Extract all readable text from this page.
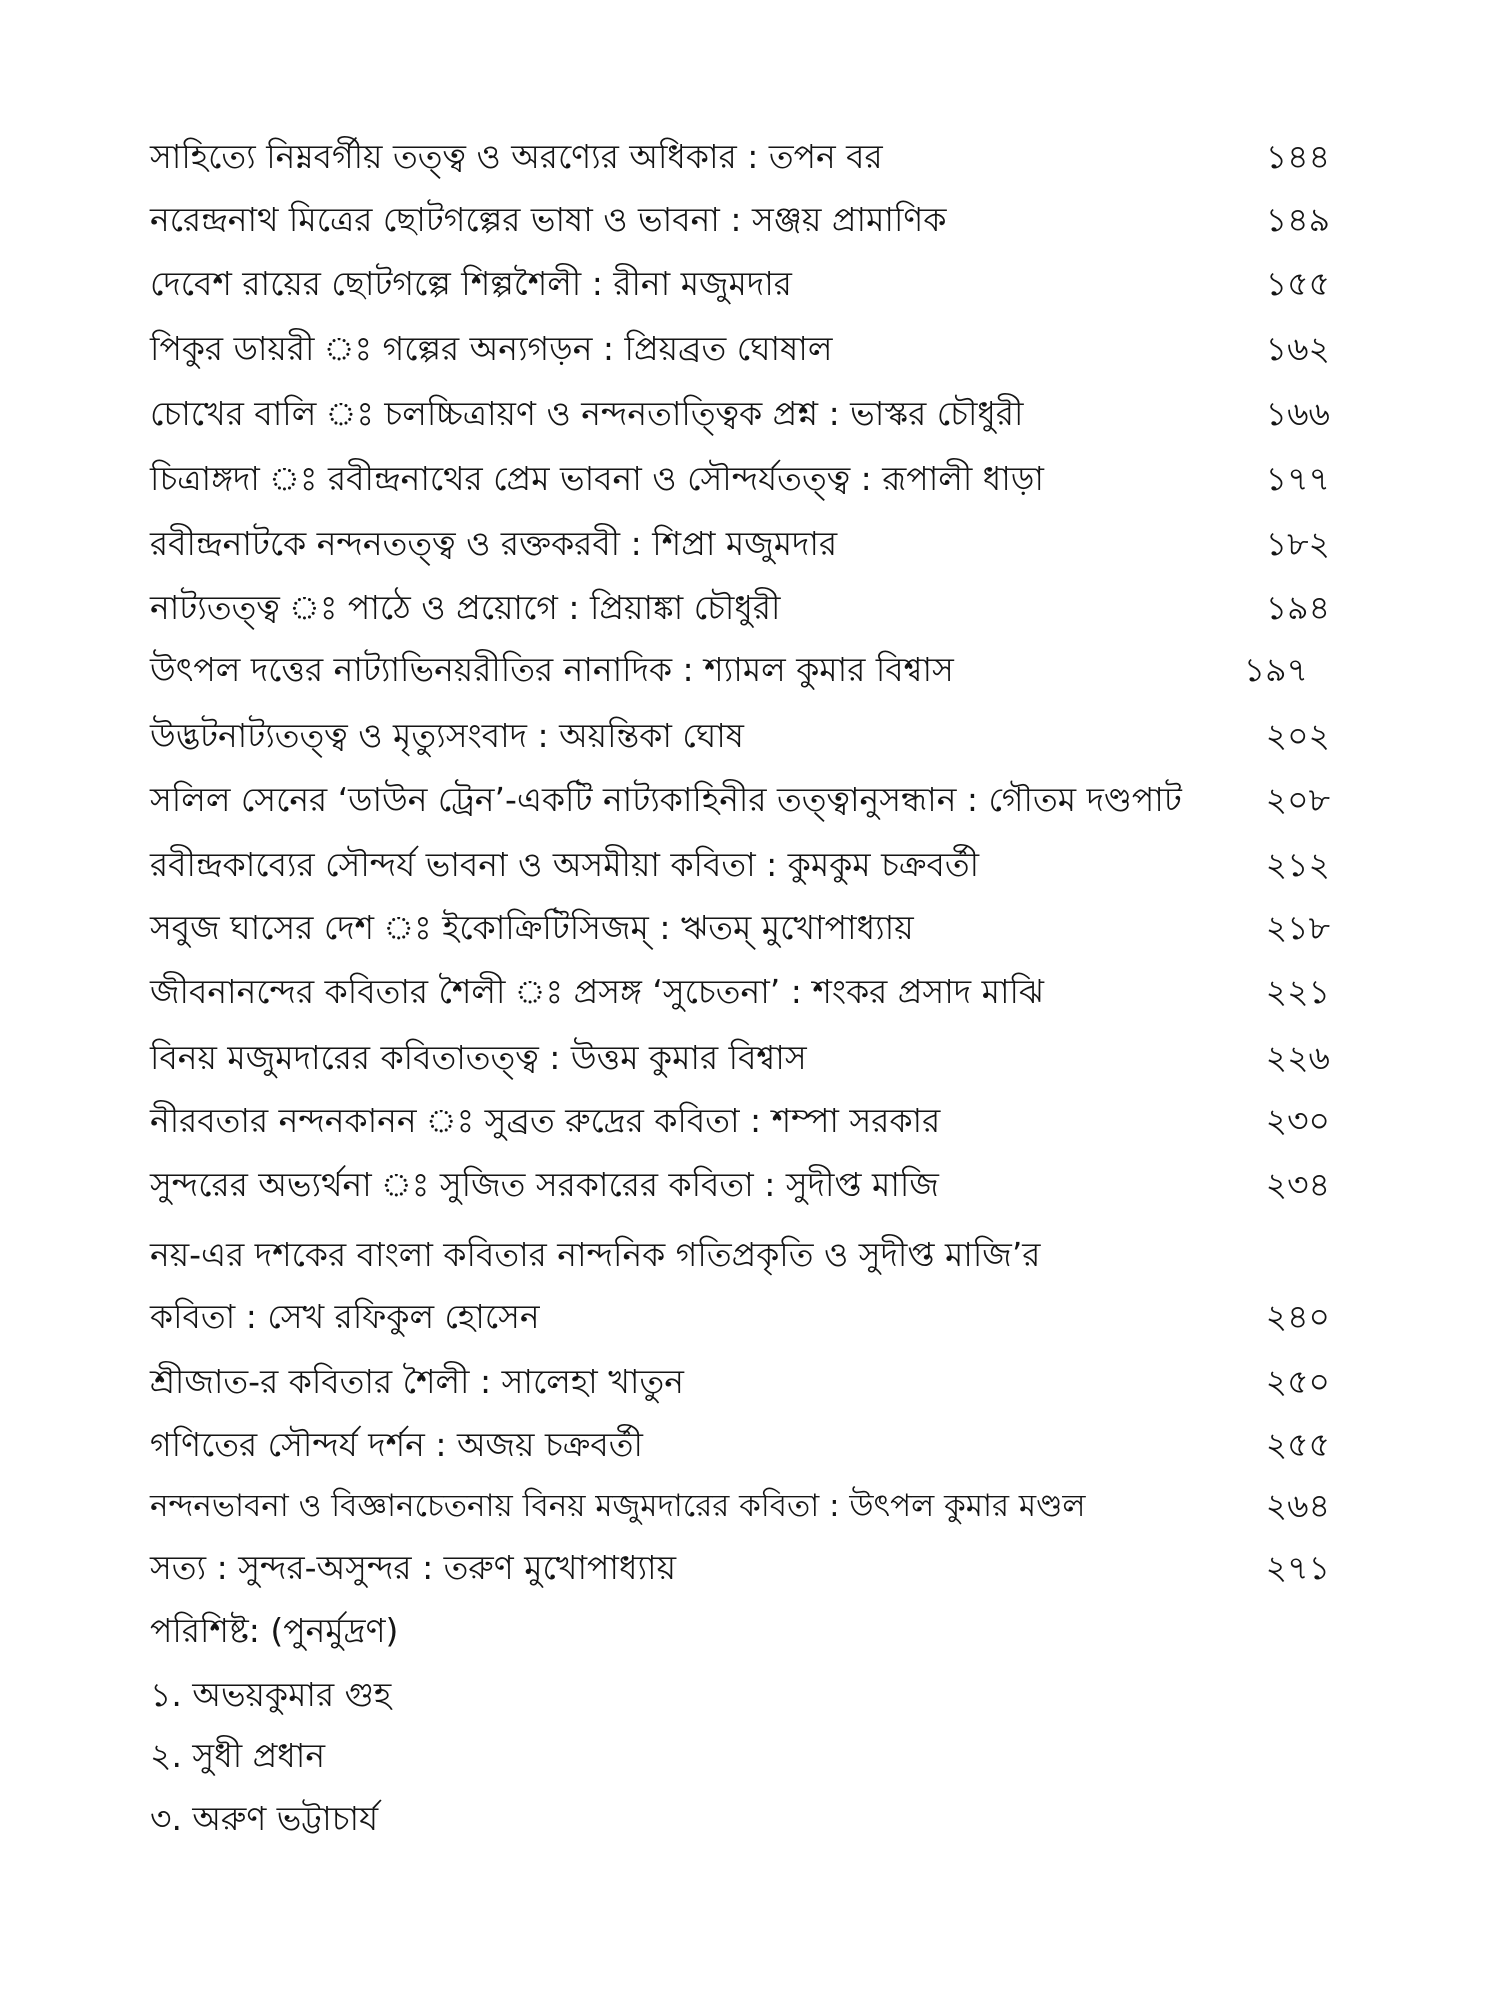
সাহিত্যে নিম্নবর্গীয় তত্ত্ব ও অরণ্যের অধিকার : তপন বর	১৪৪
নরেন্দ্রনাথ মিত্রের ছোটগল্পের ভাষা ও ভাবনা : সঞ্জয় প্রামাণিক	১৪৯
দেবেশ রায়ের ছোটগল্পে শিল্পশৈলী : রীনা মজুমদার	১৫৫
পিকুর ডায়রী ঃ গল্পের অন্যগড়ন : প্রিয়ব্রত ঘোষাল	১৬২
চোখের বালি ঃ চলচ্চিত্রায়ণ ও নন্দনতাত্ত্বিক প্রশ্ন : ভাস্কর চৌধুরী	১৬৬
চিত্রাঙ্গদা ঃ রবীন্দ্রনাথের প্রেম ভাবনা ও সৌন্দর্যতত্ত্ব : রূপালী ধাড়া	১৭৭
রবীন্দ্রনাটকে নন্দনতত্ত্ব ও রক্তকরবী : শিপ্রা মজুমদার	১৮২
নাট্যতত্ত্ব ঃ পাঠে ও প্রয়োগে : প্রিয়াঙ্কা চৌধুরী	১৯৪
উৎপল দত্তের নাট্যাভিনয়রীতির নানাদিক : শ্যামল কুমার বিশ্বাস	১৯৭
উদ্ভটনাট্যতত্ত্ব ও মৃত্যুসংবাদ : অয়ন্তিকা ঘোষ	২০২
সলিল সেনের ‘ডাউন ট্রেন’-একটি নাট্যকাহিনীর তত্ত্বানুসন্ধান : গৌতম দণ্ডপাট	২০৮
রবীন্দ্রকাব্যের সৌন্দর্য ভাবনা ও অসমীয়া কবিতা : কুমকুম চক্রবর্তী	২১২
সবুজ ঘাসের দেশ ঃ ইকোক্রিটিসিজম্ : ঋতম্ মুখোপাধ্যায়	২১৮
জীবনানন্দের কবিতার শৈলী ঃ প্রসঙ্গ ‘সুচেতনা’ : শংকর প্রসাদ মাঝি	২২১
বিনয় মজুমদারের কবিতাতত্ত্ব : উত্তম কুমার বিশ্বাস	২২৬
নীরবতার নন্দনকানন ঃ সুব্রত রুদ্রের কবিতা : শম্পা সরকার	২৩০
সুন্দরের অভ্যর্থনা ঃ সুজিত সরকারের কবিতা : সুদীপ্ত মাজি	২৩৪
নয়-এর দশকের বাংলা কবিতার নান্দনিক গতিপ্রকৃতি ও সুদীপ্ত মাজি’র
কবিতা : সেখ রফিকুল হোসেন	২৪০
শ্রীজাত-র কবিতার শৈলী : সালেহা খাতুন	২৫০
গণিতের সৌন্দর্য দর্শন : অজয় চক্রবর্তী	২৫৫
নন্দনভাবনা ও বিজ্ঞানচেতনায় বিনয় মজুমদারের কবিতা : উৎপল কুমার মণ্ডল	২৬৪
সত্য : সুন্দর-অসুন্দর : তরুণ মুখোপাধ্যায়	২৭১
পরিশিষ্ট: (পুনর্মুদ্রণ)
১. অভয়কুমার গুহ
২. সুধী প্রধান
৩. অরুণ ভট্টাচার্য
